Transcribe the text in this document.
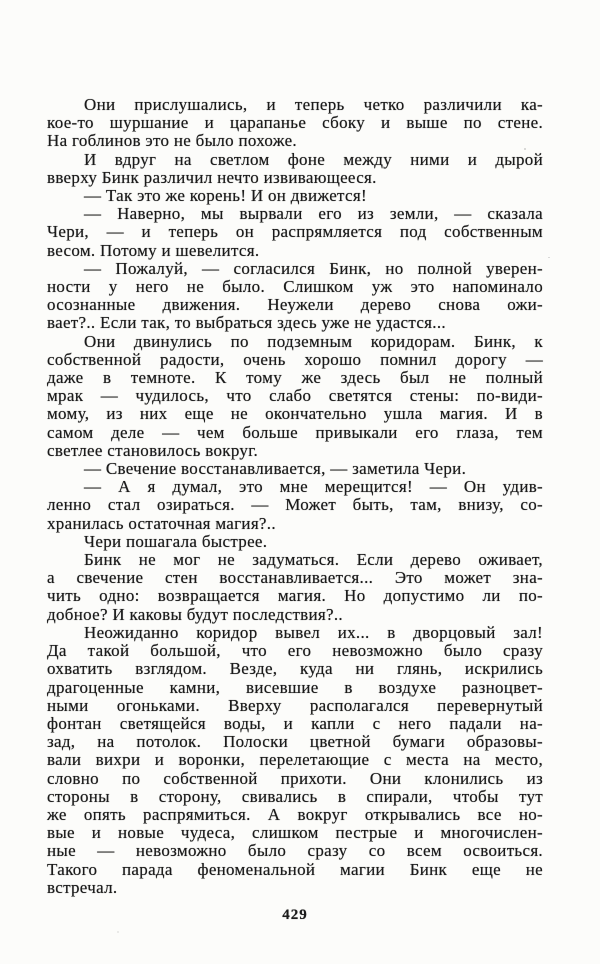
Они прислушались, и теперь четко различили ка-
кое-то шуршание и царапанье сбоку и выше по стене.
На гоблинов это не было похоже.
И вдруг на светлом фоне между ними и дырой
вверху Бинк различил нечто извивающееся.
— Так это же корень! И он движется!
— Наверно, мы вырвали его из земли, — сказала
Чери, — и теперь он распрямляется под собственным
весом. Потому и шевелится.
— Пожалуй, — согласился Бинк, но полной уверен-
ности у него не было. Слишком уж это напоминало
осознанные движения. Неужели дерево снова ожи-
вает?.. Если так, то выбраться здесь уже не удастся...
Они двинулись по подземным коридорам. Бинк, к
собственной радости, очень хорошо помнил дорогу —
даже в темноте. К тому же здесь был не полный
мрак — чудилось, что слабо светятся стены: по-види-
мому, из них еще не окончательно ушла магия. И в
самом деле — чем больше привыкали его глаза, тем
светлее становилось вокруг.
— Свечение восстанавливается, — заметила Чери.
— А я думал, это мне мерещится! — Он удив-
ленно стал озираться. — Может быть, там, внизу, со-
хранилась остаточная магия?..
Чери пошагала быстрее.
Бинк не мог не задуматься. Если дерево оживает,
а свечение стен восстанавливается... Это может зна-
чить одно: возвращается магия. Но допустимо ли по-
добное? И каковы будут последствия?..
Неожиданно коридор вывел их... в дворцовый зал!
Да такой большой, что его невозможно было сразу
охватить взглядом. Везде, куда ни глянь, искрились
драгоценные камни, висевшие в воздухе разноцвет-
ными огоньками. Вверху располагался перевернутый
фонтан светящейся воды, и капли с него падали на-
зад, на потолок. Полоски цветной бумаги образовы-
вали вихри и воронки, перелетающие с места на место,
словно по собственной прихоти. Они клонились из
стороны в сторону, свивались в спирали, чтобы тут
же опять распрямиться. А вокруг открывались все но-
вые и новые чудеса, слишком пестрые и многочислен-
ные — невозможно было сразу со всем освоиться.
Такого парада феноменальной магии Бинк еще не
встречал.
429
